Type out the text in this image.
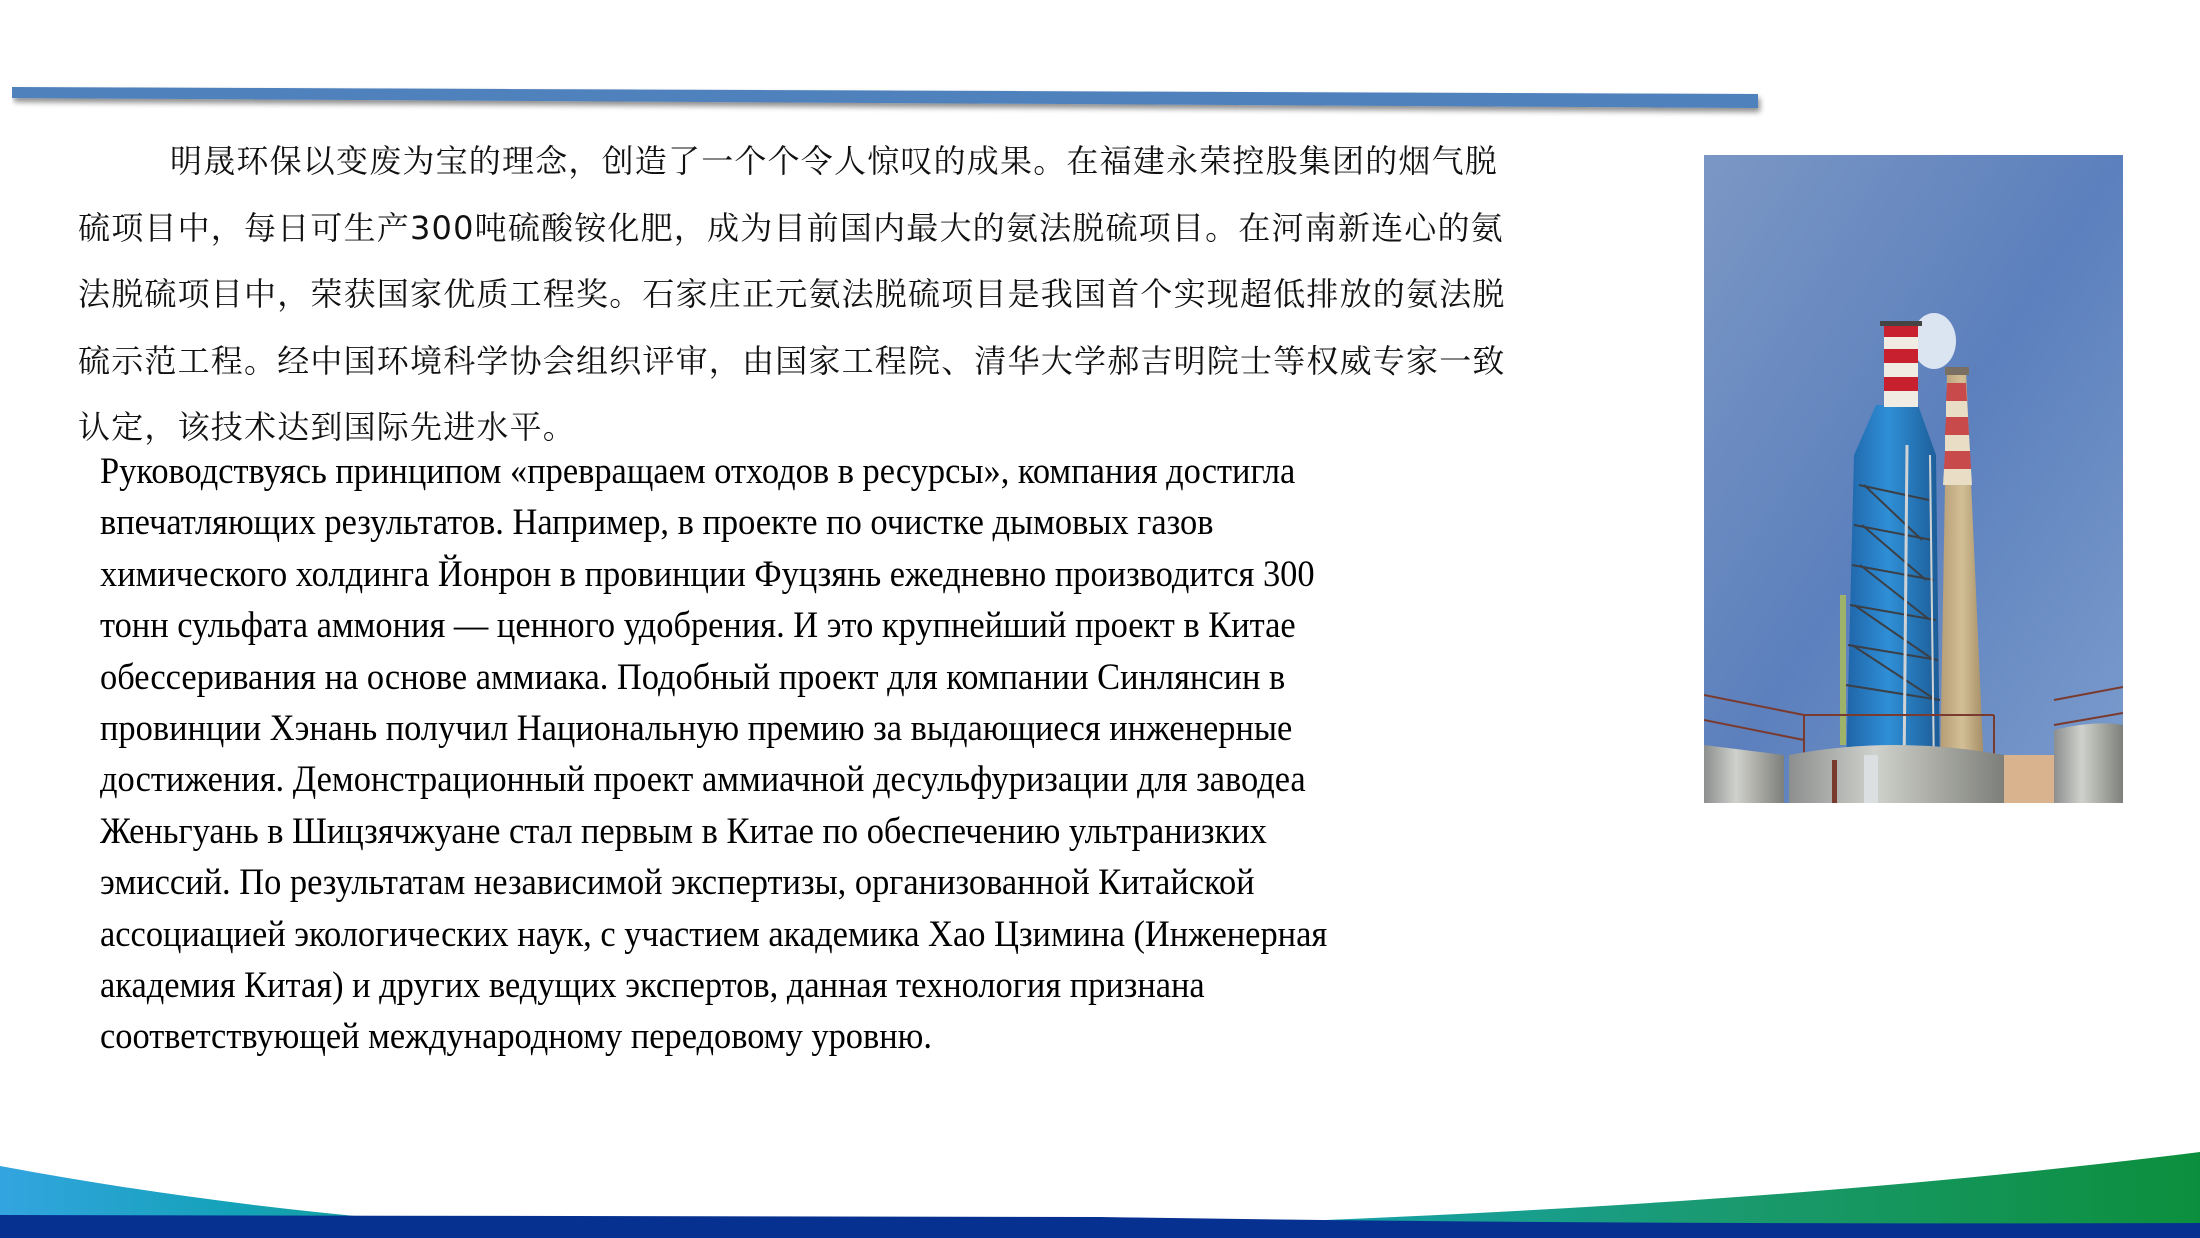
明晟环保以变废为宝的理念，创造了一个个令人惊叹的成果。在福建永荣控股集团的烟气脱
硫项目中，每日可生产300吨硫酸铵化肥，成为目前国内最大的氨法脱硫项目。在河南新连心的氨
法脱硫项目中，荣获国家优质工程奖。石家庄正元氨法脱硫项目是我国首个实现超低排放的氨法脱
硫示范工程。经中国环境科学协会组织评审，由国家工程院、清华大学郝吉明院士等权威专家一致
认定，该技术达到国际先进水平。
Руководствуясь принципом «превращаем отходов в ресурсы», компания достигла
впечатляющих результатов. Например, в проекте по очистке дымовых газов
химического холдинга Йонрон в провинции Фуцзянь ежедневно производится 300
тонн сульфата аммония — ценного удобрения. И это крупнейший проект в Китае
обессеривания на основе аммиака. Подобный проект для компании Синлянсин в
провинции Хэнань получил Национальную премию за выдающиеся инженерные
достижения. Демонстрационный проект аммиачной десульфуризации для заводеа
Женьгуань в Шицзячжуане стал первым в Китае по обеспечению ультранизких
эмиссий. По результатам независимой экспертизы, организованной Китайской
ассоциацией экологических наук, с участием академика Хао Цзимина (Инженерная
академия Китая) и других ведущих экспертов, данная технология признана
соответствующей международному передовому уровню.
